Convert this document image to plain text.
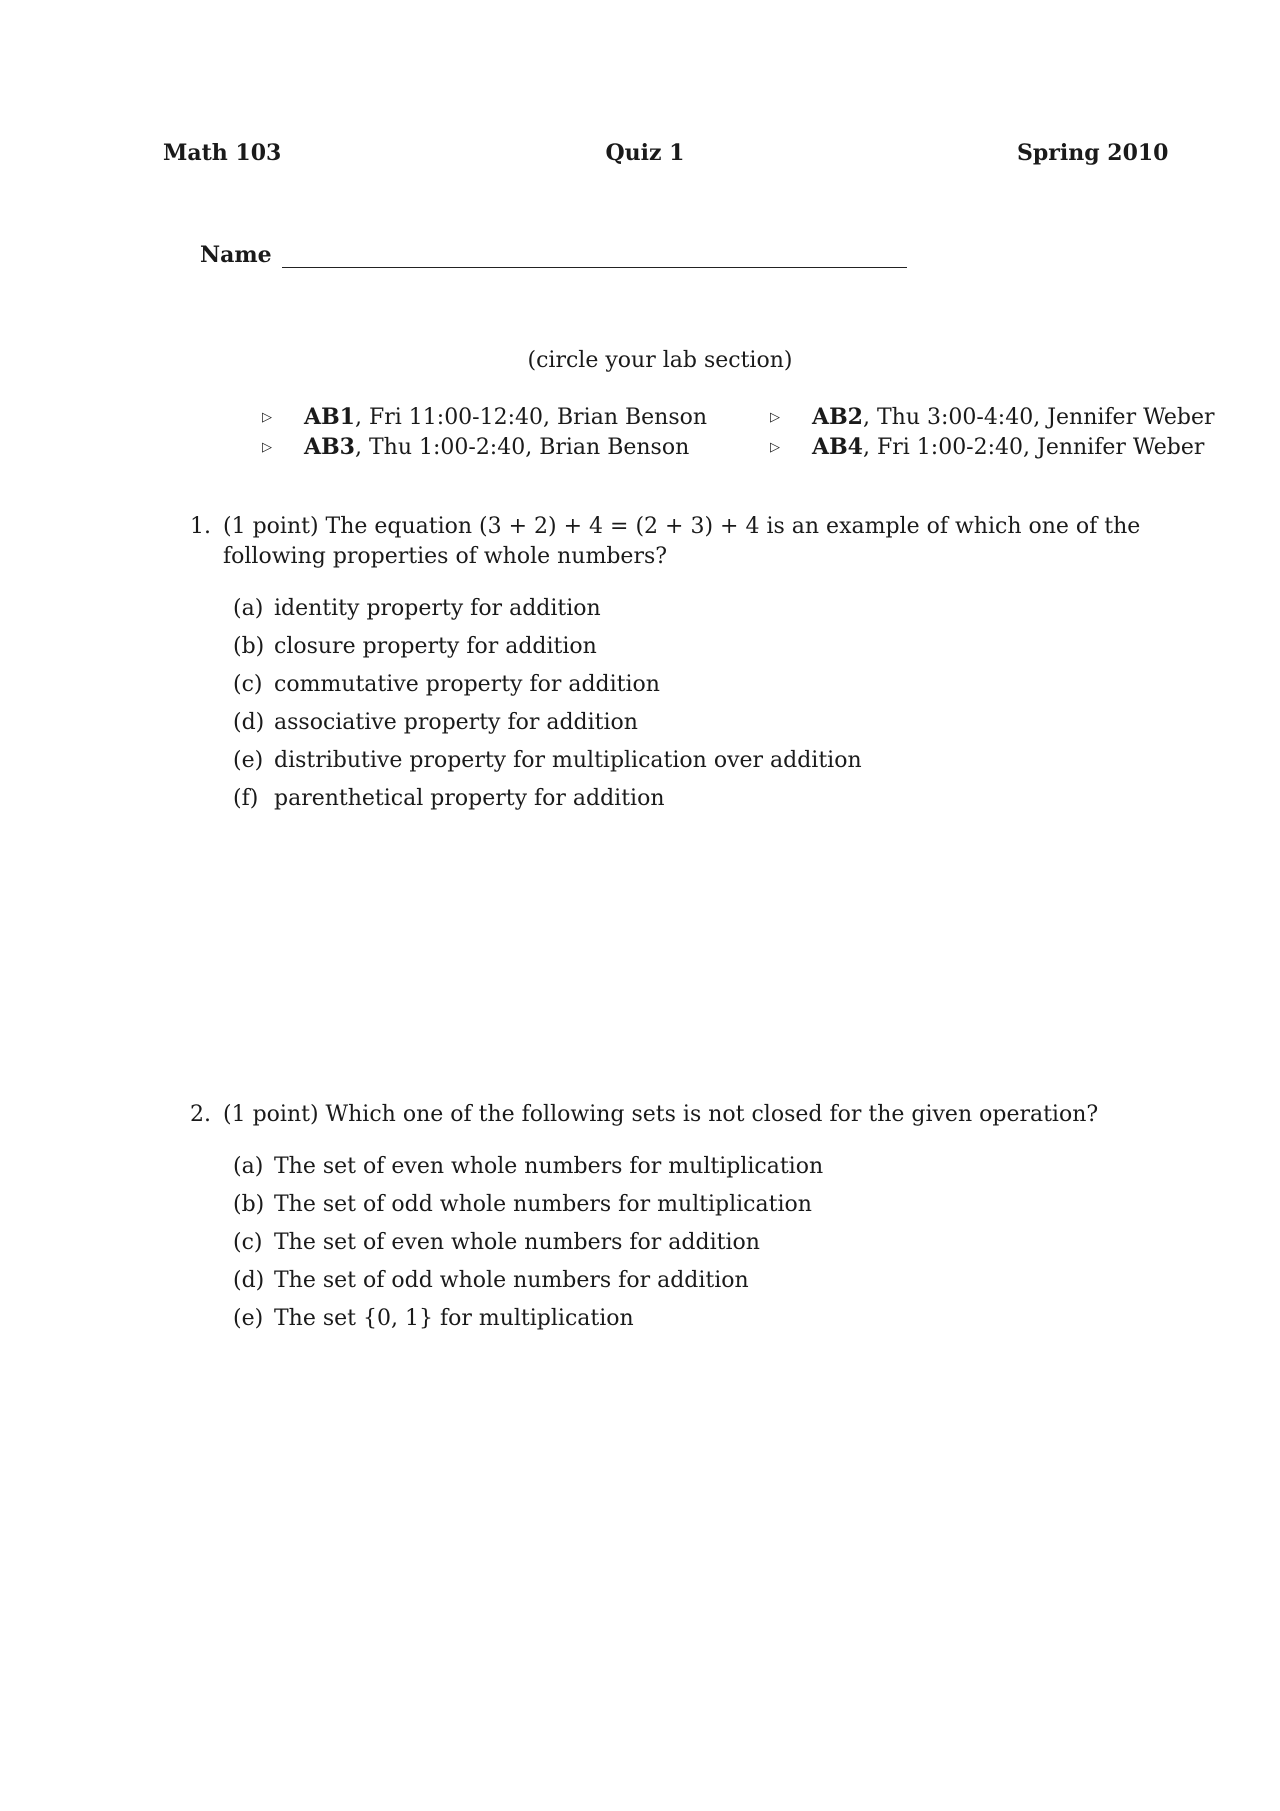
Math 103	Quiz 1	Spring 2010
Name
(circle your lab section)
▷ AB1, Fri 11:00-12:40, Brian Benson	▷ AB2, Thu 3:00-4:40, Jennifer Weber
▷ AB3, Thu 1:00-2:40, Brian Benson	▷ AB4, Fri 1:00-2:40, Jennifer Weber
1. (1 point) The equation (3 + 2) + 4 = (2 + 3) + 4 is an example of which one of the following properties of whole numbers?
(a) identity property for addition
(b) closure property for addition
(c) commutative property for addition
(d) associative property for addition
(e) distributive property for multiplication over addition
(f) parenthetical property for addition
2. (1 point) Which one of the following sets is not closed for the given operation?
(a) The set of even whole numbers for multiplication
(b) The set of odd whole numbers for multiplication
(c) The set of even whole numbers for addition
(d) The set of odd whole numbers for addition
(e) The set {0, 1} for multiplication
